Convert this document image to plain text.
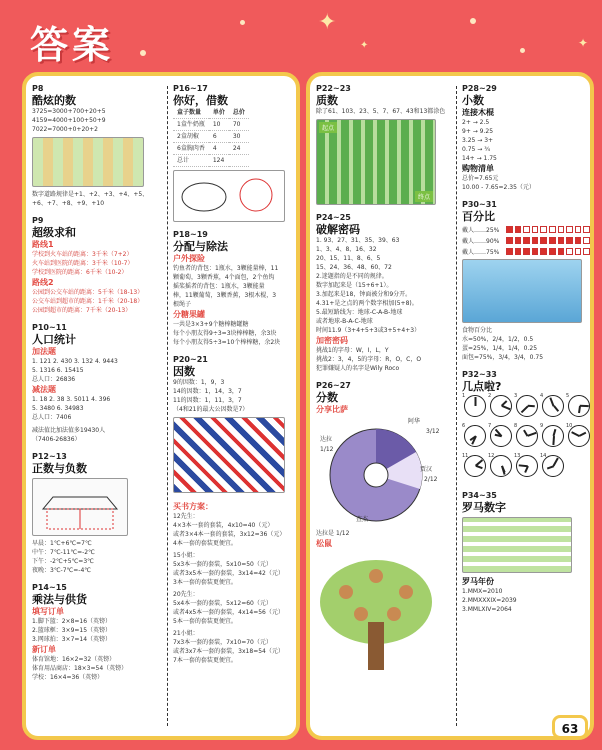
答案
✦
✦
✦
P8
酷炫的数
3725=3000+700+20+5
4159=4000+100+50+9
7022=7000+0+20+2
数字道路规律是+1、+2、+3、+4、+5、
+6、+7、+8、+9、+10
P9
超级求和
路线1
学校到火车站的距离：3千米（7+2）
火车站到医院的距离：3千米（10-7）
学校到医院的距离：6千米（10-2）
路线2
公园到公交车站的距离：5千米（18-13）
公交车站到超市的距离：1千米（20-18）
公园到超市的距离：7千米（20-13）
P10~11
人口统计
加法题
1. 121 2. 430 3. 132 4. 9443
5. 1316 6. 15415
总人口：26836
减法题
1. 18 2. 38 3. 5011 4. 396
5. 3480 6. 34983
总人口：7406
减法值比加法值多19430人
（7406-26836）
P12~13
正数与负数
早晨：1℃+6℃=7℃
中午：7℃-11℃=-2℃
下午：-2℃+5℃=3℃
夜晚：3℃-7℃=-4℃
P14~15
乘法与供货
填写订单
1.脚下篮：2×8=16（英镑）
2.篮球框：3×9=15（英镑）
3.网球拍：3×7=14（英镑）
新订单
体育馆地：16×2=32（英镑）
体育用品商店：18×3=54（英镑）
学校：16×4=36（英镑）
P16~17
你好，借数
盒子数量	单价	总价
1盒牛奶瓶	10	70
2盒胡椒	6	30
6盒胸肉香	4	24
总计	124	
P18~19
分配与除法
户外探险
钓鱼者的背包：1瓶水，3颗能量棒，11
颗葡萄，3颗香蕉，4个面包，2个鱼钩
摇桨摇者的背包：1瓶水，3颗能量
棒，11颗葡萄，3颗香蕉，3根木棍，3
根绳子
分糖果罐
一共是3×3+9个糖棒糖罐糖
每个小朋友得9÷3=3块棒棒糖，余3块
每个小朋友得5÷3=10个棒棒糖，余2块
P20~21
因数
9的因数：1，9，3
14的因数：1，14，3，7
11的因数：1，11，3，7
（4和21的最大公因数是7）
买书方案：
12先生：
4×3本一套的套装，4x10=40（元）
或者3×4本一套的套装，3x12=36（元）
4本一套的套装更便宜。
15小姐：
5x3本一套的套装，5x10=50（元）
或者3x5本一套的套装，3x14=42（元）
3本一套的套装更便宜。
20先生：
5x4本一套的套装，5x12=60（元）
或者4x5本一套的套装，4x14=56（元）
5本一套的套装更便宜。
21小姐：
7x3本一套的套装，7x10=70（元）
或者3x7本一套的套装，3x18=54（元）
7本一套的套装更便宜。
P22~23
质数
除了61、103、23、5、7、67、43和13都涂色
起点
终点
P24~25
破解密码
1. 93、27、31、35、39、63
1、3、4、8、16、32
20、15、11、8、6、5
15、24、36、48、60、72
2.迷题指的是不同的规律。
数字加起来是（15+6+1）。
3.加起来是18，钟面被分和9分开。
4.31+是之点的两个数字相加(5+8)。
5.最短路线为：地球-C-A-B-地球
或者地球-B-A-C-地球
时间11.9（3+4+5+3或3+5+4+3）
加密密码
挑战1的字母：W，I，L，Y
挑战2：3，4，5的字母：R，O，C，O
犯罪嫌疑人的名字是Wily Roco
P26~27
分数
分享比萨
阿华
3/12
贾汉
2/12
查杰
达拉
1/12
达拉是 1/12
松鼠
P28~29
小数
连接木棍
2+ → 2.5
9+ → 9.25
3.25 → 3+
0.75 → ¾
14+ → 1.75
购物清单
总价=7.65元
10.00 - 7.65=2.35（元）
P30~31
百分比
戴人……25%
戴人……90%
戴人……75%
食物百分比
水=50%，2/4，1/2，0.5
蛋=25%，1/4，1/4，0.25
面包=75%，3/4，3/4，0.75
P32~33
几点啦?
1	2	3	4	5
6	7	8	9	10
11	12	13	14
P34~35
罗马数字
罗马年份
1.MMX=2010
2.MMXXXIX=2039
3.MMLXIV=2064
63
